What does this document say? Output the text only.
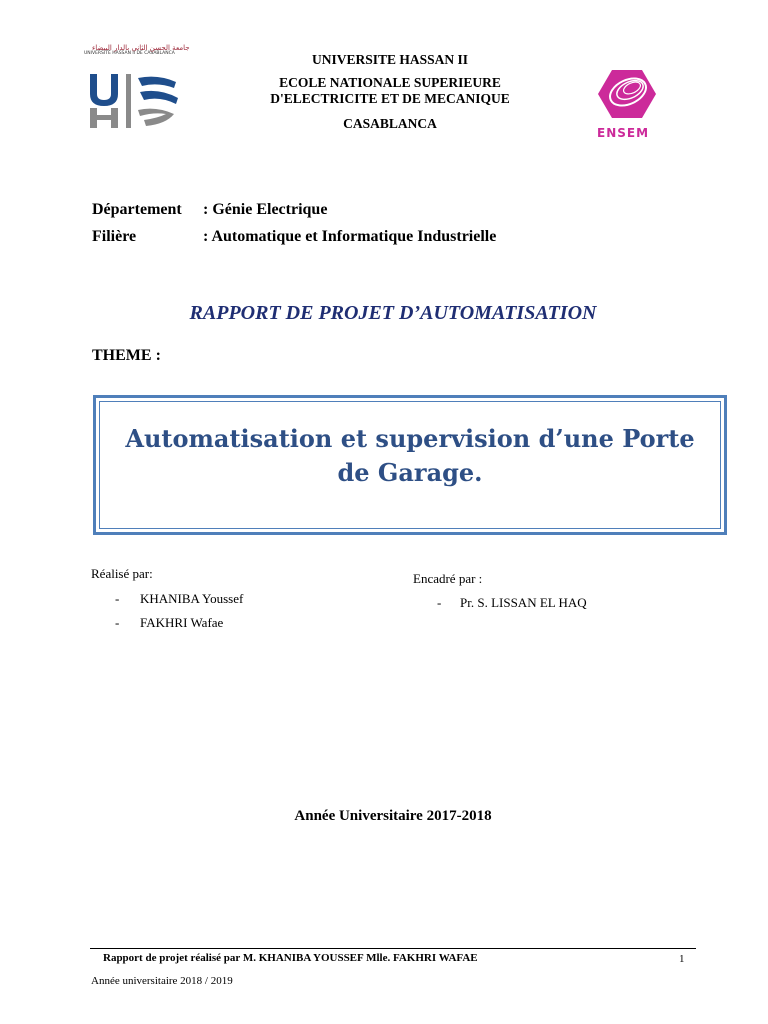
جامعة الحسن الثاني بالدار البيضاء
UNIVERSITÉ HASSAN II DE CASABLANCA	UNIVERSITE HASSAN II
ECOLE NATIONALE SUPERIEURE
D'ELECTRICITE ET DE MECANIQUE
CASABLANCA
ENSEM
Département : Génie Electrique
Filière	: Automatique et Informatique Industrielle
RAPPORT DE PROJET D’AUTOMATISATION
THEME :
Automatisation et supervision d’une Porte
de Garage.
Réalisé par:
- KHANIBA Youssef
- FAKHRI Wafae
Encadré par :
- Pr. S. LISSAN EL HAQ
Année Universitaire 2017-2018
Rapport de projet réalisé par M. KHANIBA YOUSSEF Mlle. FAKHRI WAFAE	1
Année universitaire 2018 / 2019
